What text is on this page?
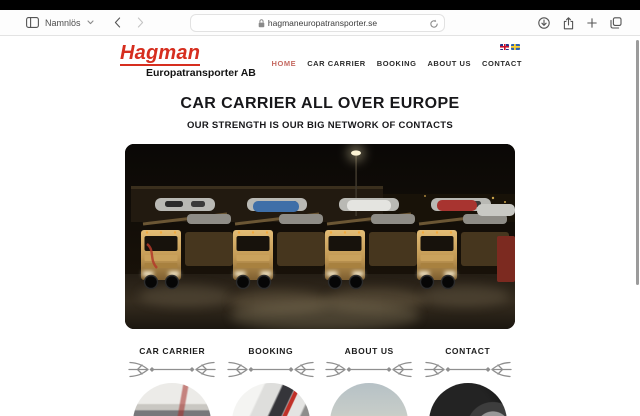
Namnlös	hagmaneuropatransporter.se
Hagman
Europatransporter AB
HOME CAR CARRIER BOOKING ABOUT US CONTACT
CAR CARRIER ALL OVER EUROPE
OUR STRENGTH IS OUR BIG NETWORK OF CONTACTS
CAR CARRIER	BOOKING	ABOUT US	CONTACT
